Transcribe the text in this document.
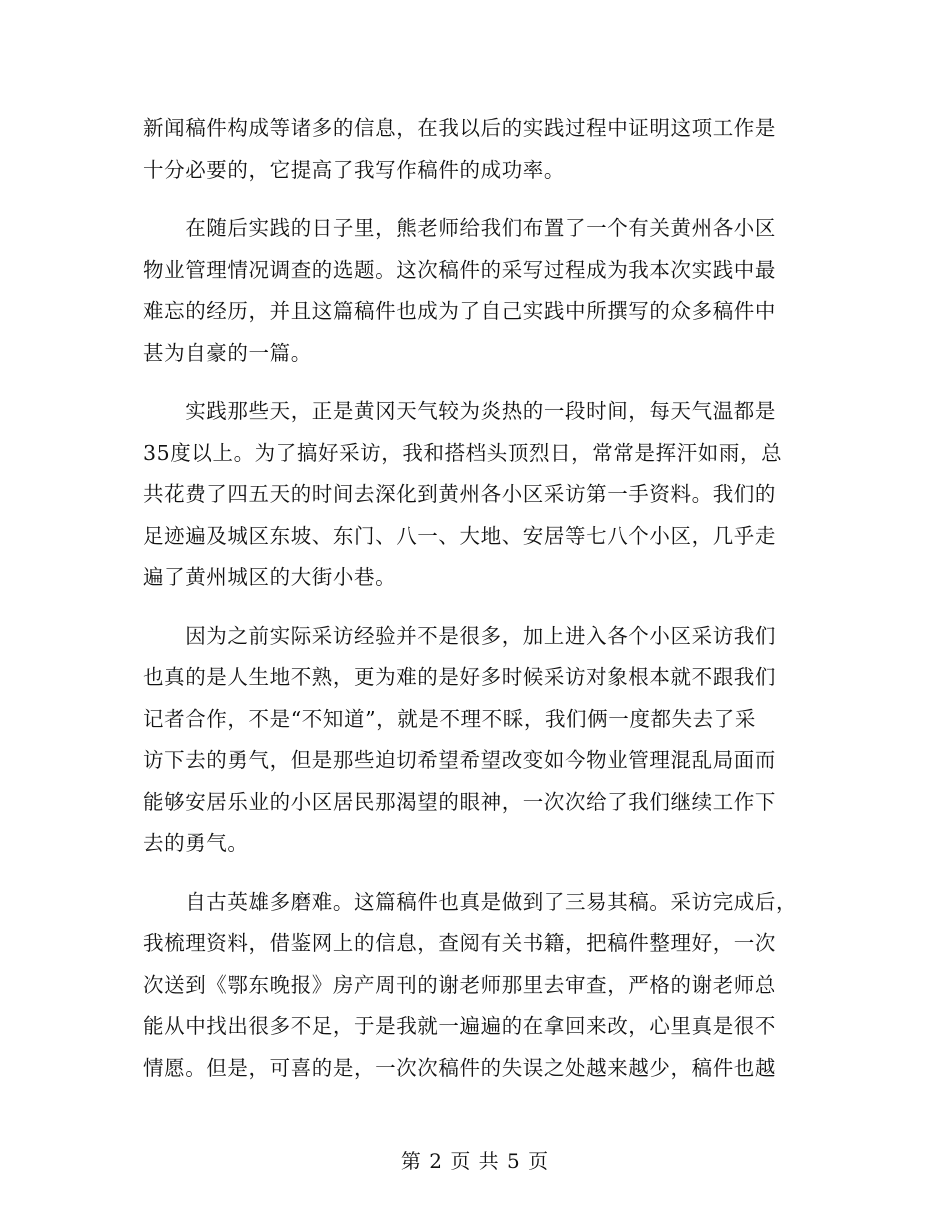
新闻稿件构成等诸多的信息，在我以后的实践过程中证明这项工作是
十分必要的，它提高了我写作稿件的成功率。

　　在随后实践的日子里，熊老师给我们布置了一个有关黄州各小区
物业管理情况调查的选题。这次稿件的采写过程成为我本次实践中最
难忘的经历，并且这篇稿件也成为了自己实践中所撰写的众多稿件中
甚为自豪的一篇。

　　实践那些天，正是黄冈天气较为炎热的一段时间，每天气温都是
35度以上。为了搞好采访，我和搭档头顶烈日，常常是挥汗如雨，总
共花费了四五天的时间去深化到黄州各小区采访第一手资料。我们的
足迹遍及城区东坡、东门、八一、大地、安居等七八个小区，几乎走
遍了黄州城区的大街小巷。

　　因为之前实际采访经验并不是很多，加上进入各个小区采访我们
也真的是人生地不熟，更为难的是好多时候采访对象根本就不跟我们
记者合作，不是“不知道”，就是不理不睬，我们俩一度都失去了采
访下去的勇气，但是那些迫切希望希望改变如今物业管理混乱局面而
能够安居乐业的小区居民那渴望的眼神，一次次给了我们继续工作下
去的勇气。

　　自古英雄多磨难。这篇稿件也真是做到了三易其稿。采访完成后，
我梳理资料，借鉴网上的信息，查阅有关书籍，把稿件整理好，一次
次送到《鄂东晚报》房产周刊的谢老师那里去审查，严格的谢老师总
能从中找出很多不足，于是我就一遍遍的在拿回来改，心里真是很不
情愿。但是，可喜的是，一次次稿件的失误之处越来越少，稿件也越

第 2 页 共 5 页
